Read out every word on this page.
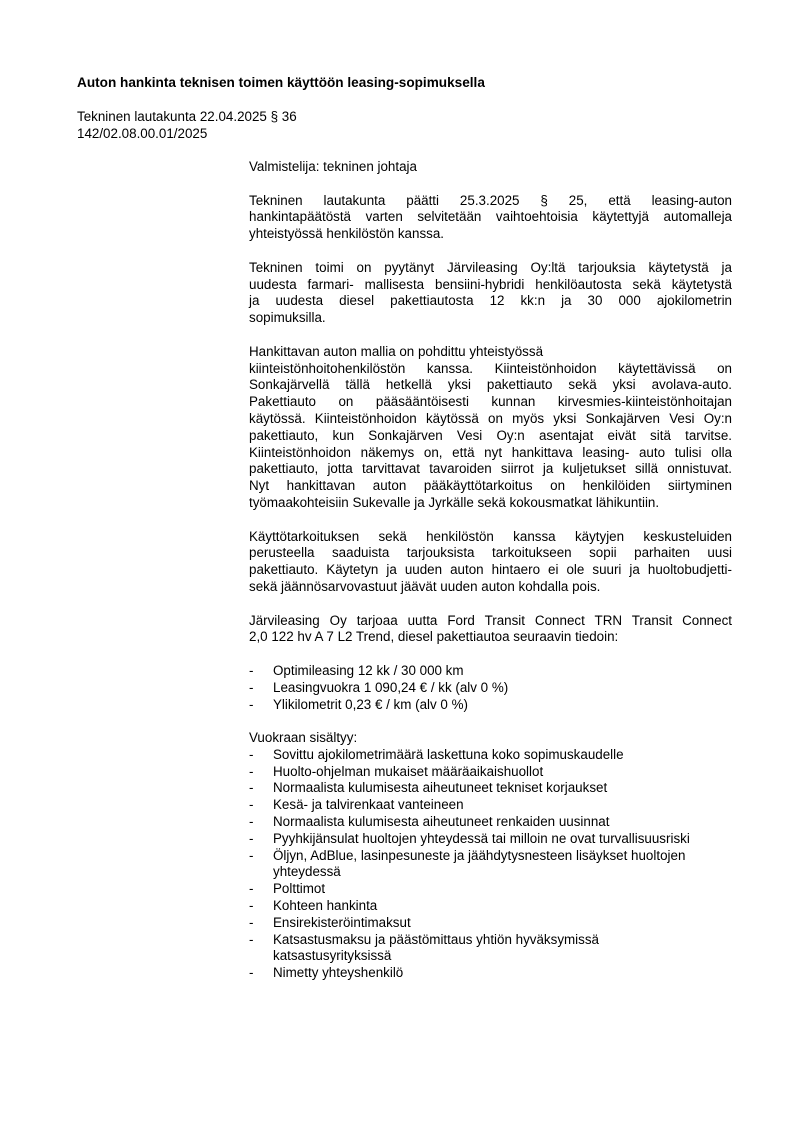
Auton hankinta teknisen toimen käyttöön leasing-sopimuksella
Tekninen lautakunta 22.04.2025 § 36
142/02.08.00.01/2025

Valmistelija: tekninen johtaja

Tekninen lautakunta päätti 25.3.2025 § 25, että leasing-auton
hankintapäätöstä varten selvitetään vaihtoehtoisia käytettyjä automalleja
yhteistyössä henkilöstön kanssa.

Tekninen toimi on pyytänyt Järvileasing Oy:ltä tarjouksia käytetystä ja
uudesta farmari- mallisesta bensiini-hybridi henkilöautosta sekä käytetystä
ja uudesta diesel pakettiautosta 12 kk:n ja 30 000 ajokilometrin
sopimuksilla.

Hankittavan auton mallia on pohdittu yhteistyössä
kiinteistönhoitohenkilöstön kanssa. Kiinteistönhoidon käytettävissä on
Sonkajärvellä tällä hetkellä yksi pakettiauto sekä yksi avolava-auto.
Pakettiauto on pääsääntöisesti kunnan kirvesmies-kiinteistönhoitajan
käytössä. Kiinteistönhoidon käytössä on myös yksi Sonkajärven Vesi Oy:n
pakettiauto, kun Sonkajärven Vesi Oy:n asentajat eivät sitä tarvitse.
Kiinteistönhoidon näkemys on, että nyt hankittava leasing- auto tulisi olla
pakettiauto, jotta tarvittavat tavaroiden siirrot ja kuljetukset sillä onnistuvat.
Nyt hankittavan auton pääkäyttötarkoitus on henkilöiden siirtyminen
työmaakohteisiin Sukevalle ja Jyrkälle sekä kokousmatkat lähikuntiin.

Käyttötarkoituksen sekä henkilöstön kanssa käytyjen keskusteluiden
perusteella saaduista tarjouksista tarkoitukseen sopii parhaiten uusi
pakettiauto. Käytetyn ja uuden auton hintaero ei ole suuri ja huoltobudjetti-
sekä jäännösarvovastuut jäävät uuden auton kohdalla pois.

Järvileasing Oy tarjoaa uutta Ford Transit Connect TRN Transit Connect
2,0 122 hv A 7 L2 Trend, diesel pakettiautoa seuraavin tiedoin:

- Optimileasing 12 kk / 30 000 km
- Leasingvuokra 1 090,24 € / kk (alv 0 %)
- Ylikilometrit 0,23 € / km (alv 0 %)

Vuokraan sisältyy:

- Sovittu ajokilometrimäärä laskettuna koko sopimuskaudelle
- Huolto-ohjelman mukaiset määräaikaishuollot
- Normaalista kulumisesta aiheutuneet tekniset korjaukset
- Kesä- ja talvirenkaat vanteineen
- Normaalista kulumisesta aiheutuneet renkaiden uusinnat
- Pyyhkijänsulat huoltojen yhteydessä tai milloin ne ovat turvallisuusriski
- Öljyn, AdBlue, lasinpesuneste ja jäähdytysnesteen lisäykset huoltojen
yhteydessä
- Polttimot
- Kohteen hankinta
- Ensirekisteröintimaksut
- Katsastusmaksu ja päästömittaus yhtiön hyväksymissä
katsastusyrityksissä
- Nimetty yhteyshenkilö
